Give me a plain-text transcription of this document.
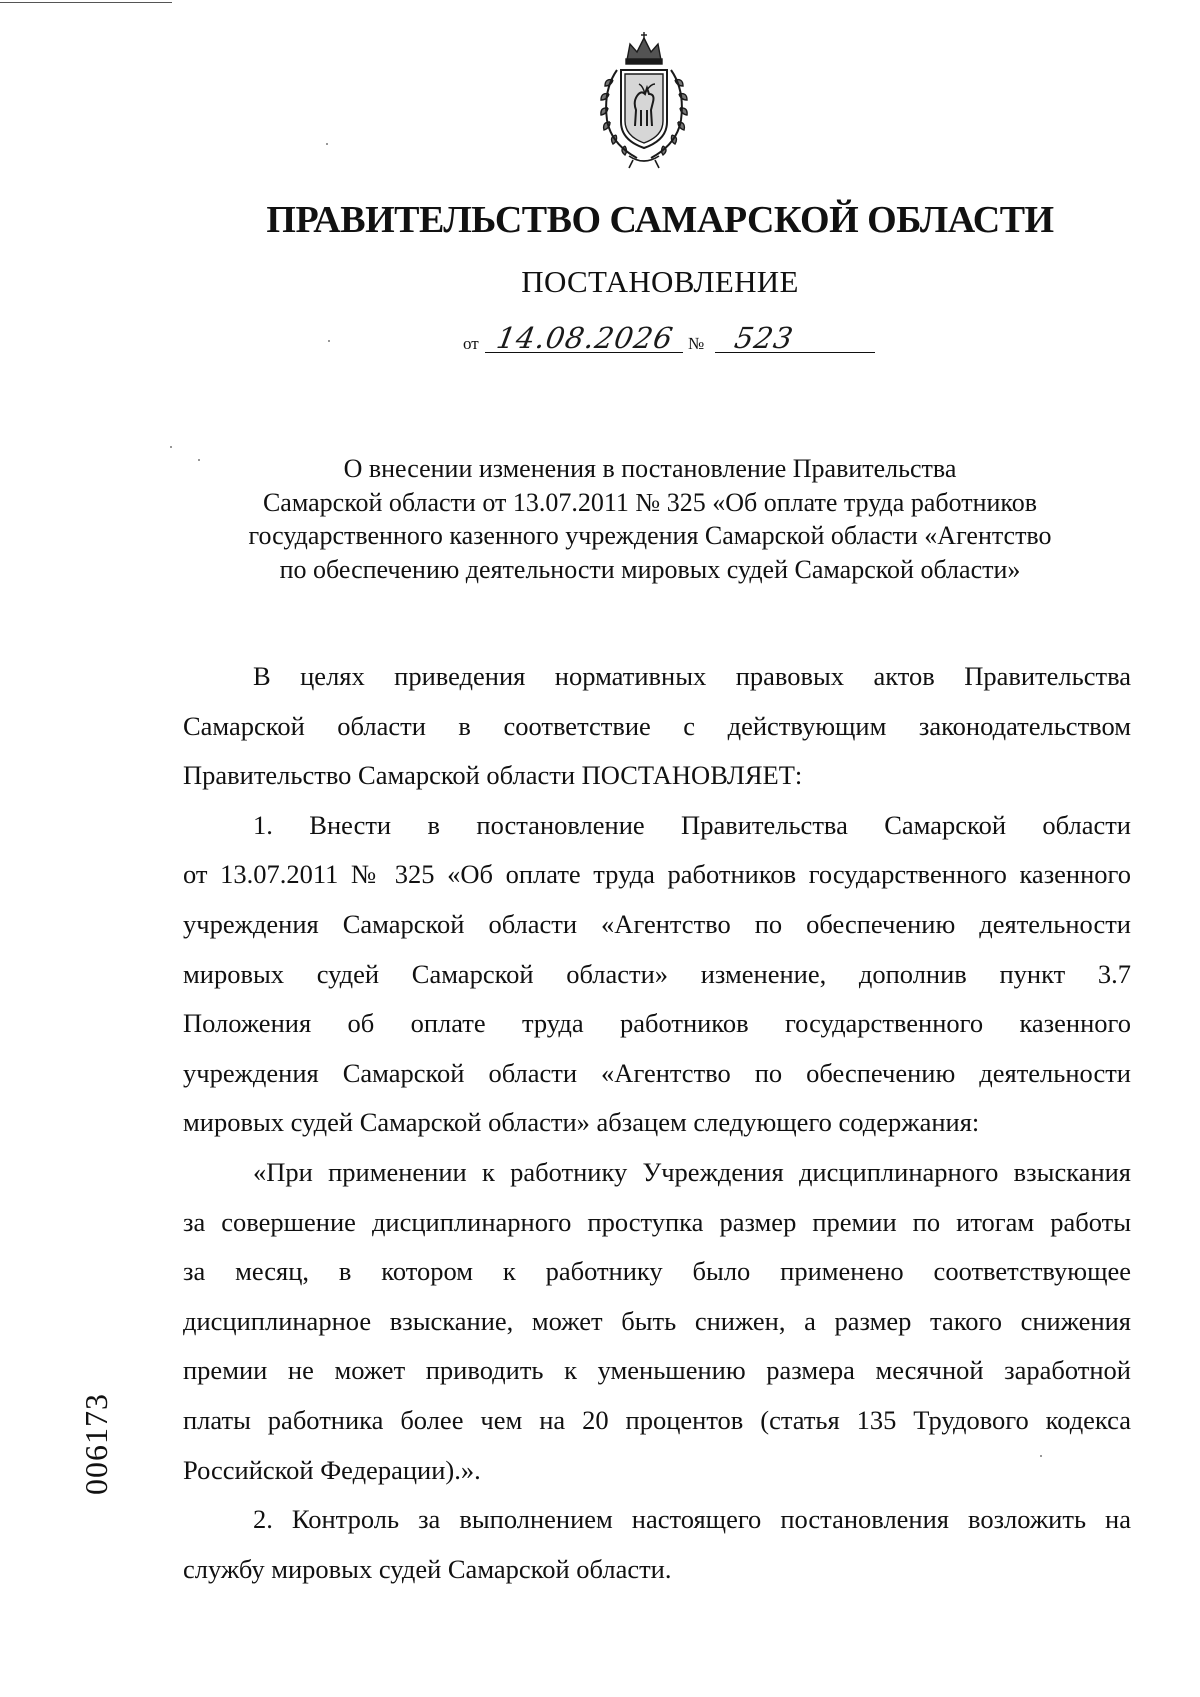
ПРАВИТЕЛЬСТВО САМАРСКОЙ ОБЛАСТИ
ПОСТАНОВЛЕНИЕ
от 14.08.2026 № 523
О внесении изменения в постановление Правительства
Самарской области от 13.07.2011 № 325 «Об оплате труда работников
государственного казенного учреждения Самарской области «Агентство
по обеспечению деятельности мировых судей Самарской области»
В целях приведения нормативных правовых актов Правительства
Самарской области в соответствие с действующим законодательством
Правительство Самарской области ПОСТАНОВЛЯЕТ:
1. Внести в постановление Правительства Самарской области
от 13.07.2011 № 325 «Об оплате труда работников государственного казенного
учреждения Самарской области «Агентство по обеспечению деятельности
мировых судей Самарской области» изменение, дополнив пункт 3.7
Положения об оплате труда работников государственного казенного
учреждения Самарской области «Агентство по обеспечению деятельности
мировых судей Самарской области» абзацем следующего содержания:
«При применении к работнику Учреждения дисциплинарного взыскания
за совершение дисциплинарного проступка размер премии по итогам работы
за месяц, в котором к работнику было применено соответствующее
дисциплинарное взыскание, может быть снижен, а размер такого снижения
премии не может приводить к уменьшению размера месячной заработной
платы работника более чем на 20 процентов (статья 135 Трудового кодекса
Российской Федерации).».
2. Контроль за выполнением настоящего постановления возложить на
службу мировых судей Самарской области.
006173
